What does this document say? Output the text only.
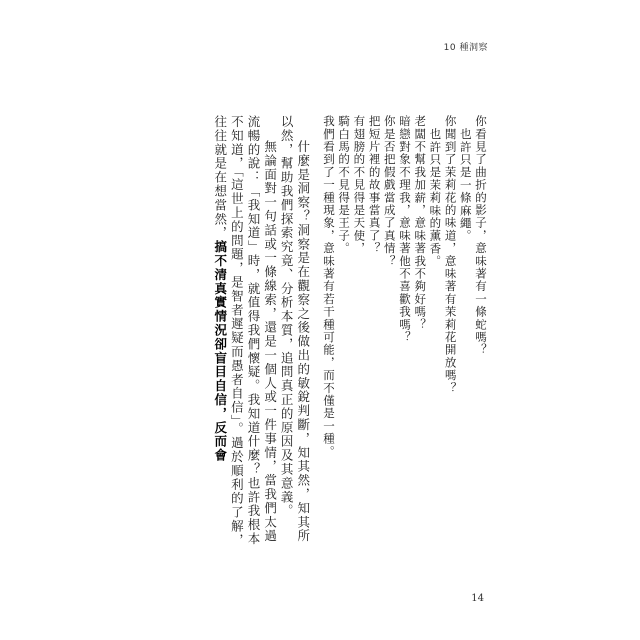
10 種洞察
你看見了曲折的影子，意味著有一條蛇嗎？
也許只是一條麻繩。
你聞到了茉莉花的味道，意味著有茉莉花開放嗎？
也許只是茉莉味的薰香。
老闆不幫我加薪，意味著我不夠好嗎？
暗戀對象不理我，意味著他不喜歡我嗎？
你是否把假戲當成了真情？
把短片裡的故事當真了？
有翅膀的不見得是天使，
騎白馬的不見得是王子。
我們看到了一種現象，意味著有若干種可能，而不僅是一種。
什麼是洞察？洞察是在觀察之後做出的敏銳判斷，知其然，知其所以然，幫助我們探索究竟、分析本質，追問真正的原因及其意義。
無論面對一句話或一條線索，還是一個人或一件事情，當我們太過流暢的說：「我知道」時，就值得我們懷疑。我知道什麼？也許我根本不知道，「這世上的問題，是智者遲疑而愚者自信」。過於順利的了解，往往就是在想當然，搞不清真實情況卻盲目自信，反而會
14
